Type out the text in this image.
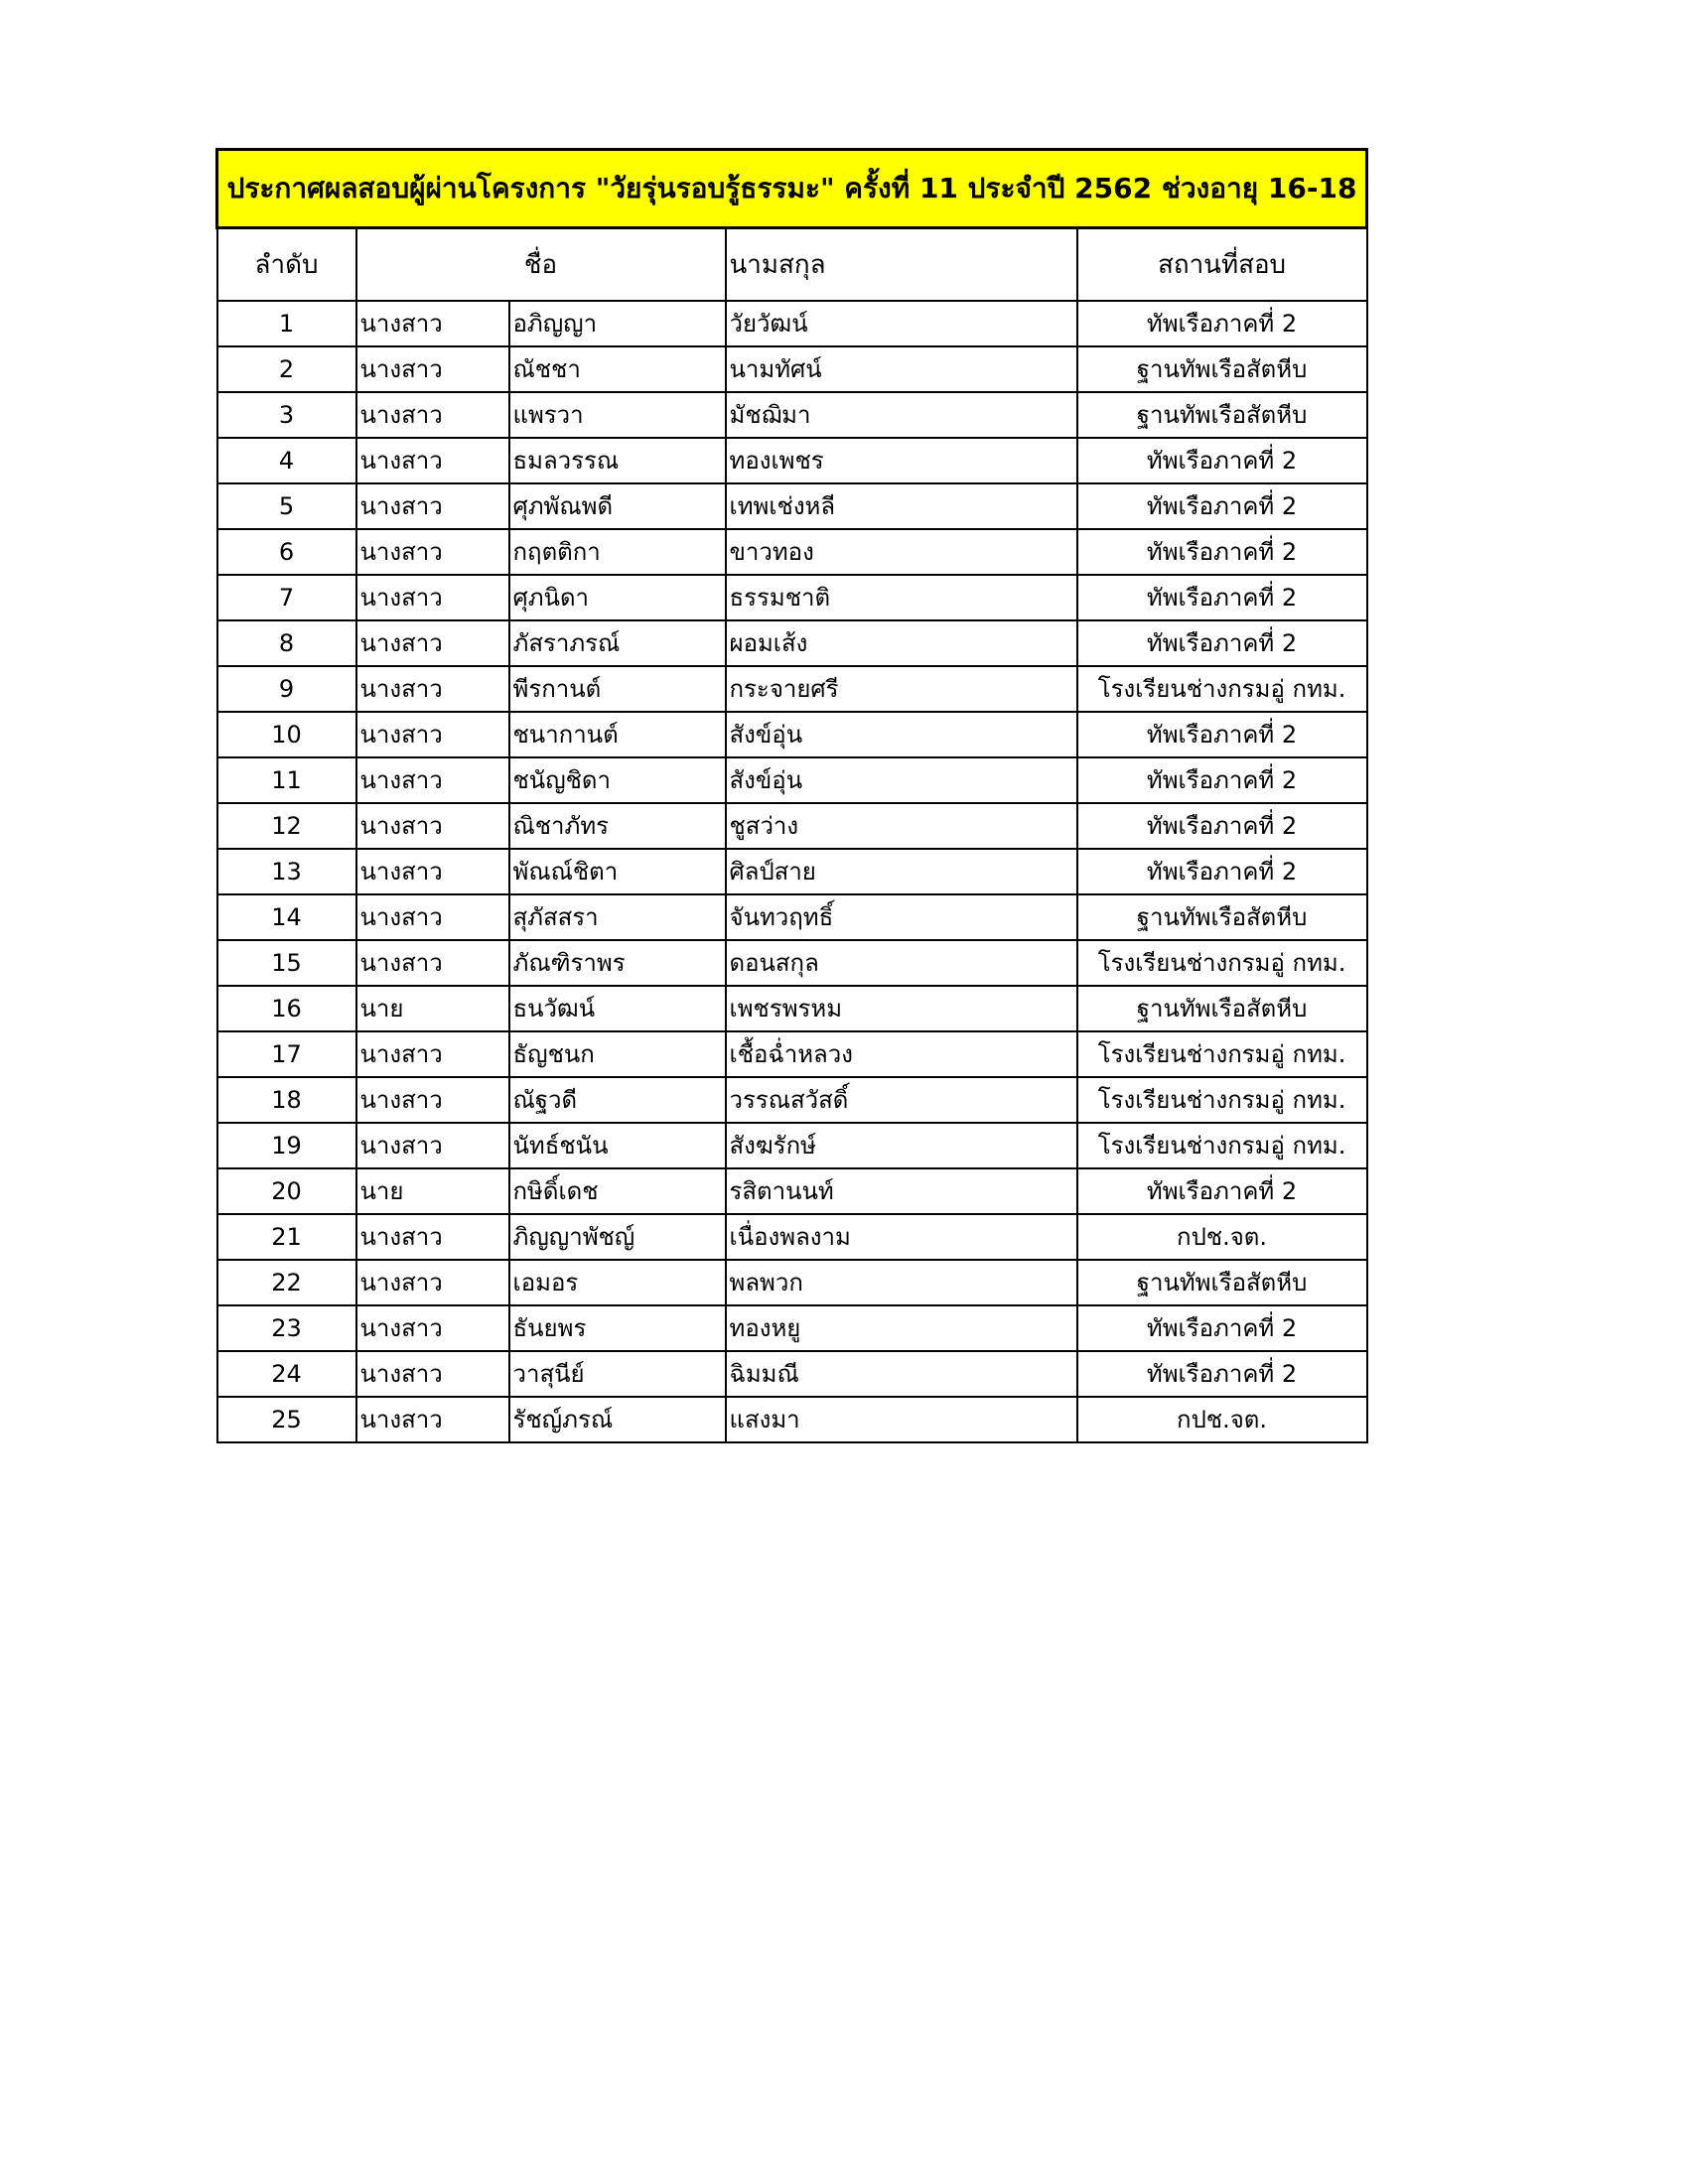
ประกาศผลสอบผู้ผ่านโครงการ "วัยรุ่นรอบรู้ธรรมะ" ครั้งที่ 11 ประจำปี 2562 ช่วงอายุ 16-18				
ลำดับ	ชื่อ		นามสกุล	สถานที่สอบ
1	นางสาว	อภิญญา	วัยวัฒน์	ทัพเรือภาคที่ 2
2	นางสาว	ณัชชา	นามทัศน์	ฐานทัพเรือสัตหีบ
3	นางสาว	แพรวา	มัชฌิมา	ฐานทัพเรือสัตหีบ
4	นางสาว	ธมลวรรณ	ทองเพชร	ทัพเรือภาคที่ 2
5	นางสาว	ศุภพัณพดี	เทพเช่งหลี	ทัพเรือภาคที่ 2
6	นางสาว	กฤตติกา	ขาวทอง	ทัพเรือภาคที่ 2
7	นางสาว	ศุภนิดา	ธรรมชาติ	ทัพเรือภาคที่ 2
8	นางสาว	ภัสราภรณ์	ผอมเส้ง	ทัพเรือภาคที่ 2
9	นางสาว	พีรกานต์	กระจายศรี	โรงเรียนช่างกรมอู่ กทม.
10	นางสาว	ชนากานต์	สังข์อุ่น	ทัพเรือภาคที่ 2
11	นางสาว	ชนัญชิดา	สังข์อุ่น	ทัพเรือภาคที่ 2
12	นางสาว	ณิชาภัทร	ชูสว่าง	ทัพเรือภาคที่ 2
13	นางสาว	พัณณ์ชิตา	ศิลป์สาย	ทัพเรือภาคที่ 2
14	นางสาว	สุภัสสรา	จันทวฤทธิ์	ฐานทัพเรือสัตหีบ
15	นางสาว	ภัณฑิราพร	ดอนสกุล	โรงเรียนช่างกรมอู่ กทม.
16	นาย	ธนวัฒน์	เพชรพรหม	ฐานทัพเรือสัตหีบ
17	นางสาว	ธัญชนก	เชื้อฉ่ำหลวง	โรงเรียนช่างกรมอู่ กทม.
18	นางสาว	ณัฐวดี	วรรณสวัสดิ์	โรงเรียนช่างกรมอู่ กทม.
19	นางสาว	นัทธ์ชนัน	สังฆรักษ์	โรงเรียนช่างกรมอู่ กทม.
20	นาย	กษิดิ์เดช	รสิตานนท์	ทัพเรือภาคที่ 2
21	นางสาว	ภิญญาพัชญ์	เนื่องพลงาม	กปช.จต.
22	นางสาว	เอมอร	พลพวก	ฐานทัพเรือสัตหีบ
23	นางสาว	ธันยพร	ทองหยู	ทัพเรือภาคที่ 2
24	นางสาว	วาสุนีย์	ฉิมมณี	ทัพเรือภาคที่ 2
25	นางสาว	รัชญ์ภรณ์	แสงมา	กปช.จต.
